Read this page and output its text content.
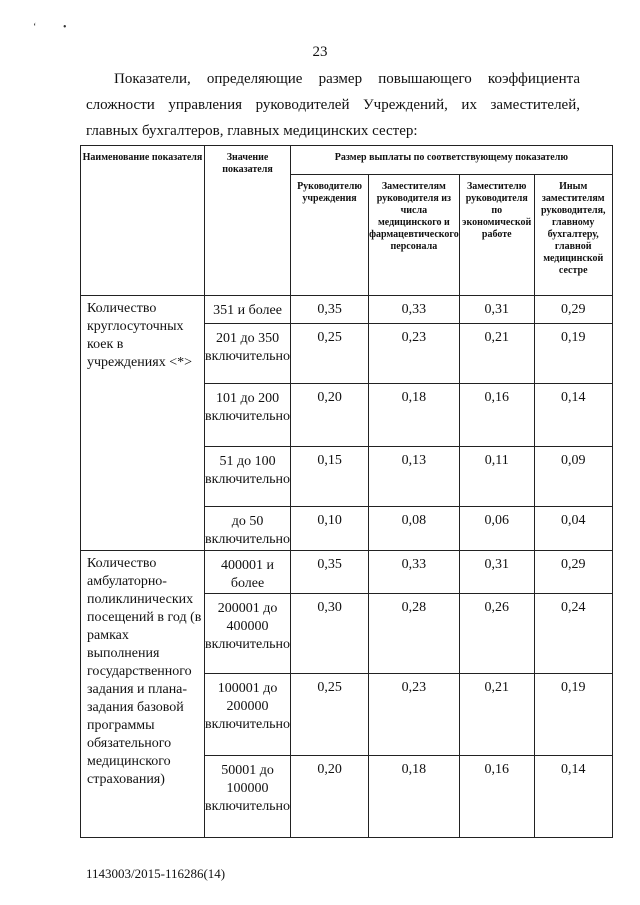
ʻ	•
23
Показатели, определяющие размер повышающего коэффициента сложности управления руководителей Учреждений, их заместителей, главных бухгалтеров, главных медицинских сестер:
Наименование показателя	Значение показателя	Размер выплаты по соответствующему показателю			
		Руководителю учреждения	Заместителям руководителя из числа медицинского и фармацевтического персонала	Заместителю руководителя по экономической работе	Иным заместителям руководителя, главному бухгалтеру, главной медицинской сестре
Количество круглосуточных коек в учреждениях <*>	351 и более	0,35	0,33	0,31	0,29
	201 до 350 включительно	0,25	0,23	0,21	0,19
	101 до 200 включительно	0,20	0,18	0,16	0,14
	51 до 100 включительно	0,15	0,13	0,11	0,09
	до 50 включительно	0,10	0,08	0,06	0,04
Количество амбулаторно-поликлинических посещений в год (в рамках выполнения государственного задания и плана-задания базовой программы обязательного медицинского страхования)	400001 и более	0,35	0,33	0,31	0,29
	200001 до 400000 включительно	0,30	0,28	0,26	0,24
	100001 до 200000 включительно	0,25	0,23	0,21	0,19
	50001 до 100000 включительно	0,20	0,18	0,16	0,14
1143003/2015-116286(14)
